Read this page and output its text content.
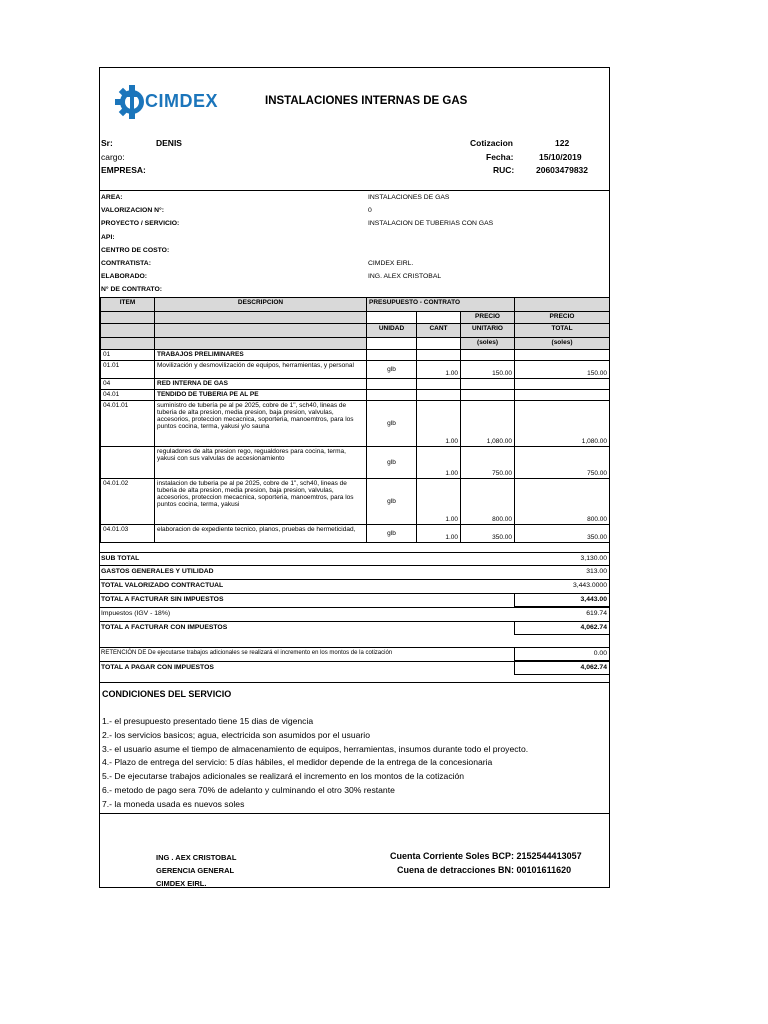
CIMDEX	INSTALACIONES INTERNAS DE GAS
Sr:	DENIS
cargo:
EMPRESA:
Cotizacion	122
Fecha:	15/10/2019
RUC:	20603479832
AREA:	INSTALACIONES DE GAS
VALORIZACION N°:	0
PROYECTO / SERVICIO:	INSTALACION DE TUBERIAS CON GAS
API:
CENTRO DE COSTO:
CONTRATISTA:	CIMDEX EIRL.
ELABORADO:	ING. ALEX CRISTOBAL
N° DE CONTRATO:
ITEM	DESCRIPCION	PRESUPUESTO - CONTRATO			
				PRECIO	PRECIO
		UNIDAD	CANT	UNITARIO	TOTAL
				(soles)	(soles)
01	TRABAJOS PRELIMINARES				
01.01	Movilización y desmovilización de equipos, herramientas, y personal	glb	1.00	150.00	150.00
04	RED INTERNA DE GAS				
04.01	TENDIDO DE TUBERIA PE AL PE				
04.01.01	suministro de tubería pe al pe 2025, cobre de 1", sch40, lineas de tuberia de alta presion, media presion, baja presion, valvulas, accesorios, proteccion mecacnica, soporteria, manoemtros, para los puntos cocina, terma, yakusi y/o sauna	glb	1.00	1,080.00	1,080.00
	reguladores de alta presion rego, regualdores para cocina, terma, yakusi con sus valvulas de accesionamiento	glb	1.00	750.00	750.00
04.01.02	instalacion de tuberia pe al pe 2025, cobre de 1", sch40, lineas de tuberia de alta presion, media presion, baja presion, valvulas, accesorios, proteccion mecacnica, soporteria, manoemtros, para los puntos cocina, terma, yakusi	glb	1.00	800.00	800.00
04.01.03	elaboracion de expediente tecnico, planos, pruebas de hermeticidad,	glb	1.00	350.00	350.00
SUB TOTAL	3,130.00
GASTOS GENERALES Y UTILIDAD	313.00
TOTAL VALORIZADO CONTRACTUAL	3,443.0000
TOTAL A FACTURAR SIN IMPUESTOS	3,443.00
Impuestos (IGV - 18%)	619.74
TOTAL A FACTURAR CON IMPUESTOS	4,062.74
RETENCIÓN DE De ejecutarse trabajos adicionales se realizará el incremento en los montos de la cotización	0.00
TOTAL A PAGAR CON IMPUESTOS	4,062.74
CONDICIONES DEL SERVICIO
1.- el presupuesto presentado tiene 15 dias de vigencia
2.- los servicios basicos; agua, electricida son asumidos por el usuario
3.- el usuario asume el tiempo de almacenamiento de equipos, herramientas, insumos durante todo el proyecto.
4.- Plazo de entrega del servicio: 5 días hábiles, el medidor depende de la entrega de la concesionaria
5.- De ejecutarse trabajos adicionales se realizará el incremento en los montos de la cotización
6.- metodo de pago sera 70% de adelanto y culminando el otro 30% restante
7.- la moneda usada es nuevos soles
ING . AEX CRISTOBAL
GERENCIA GENERAL
CIMDEX EIRL.
Cuenta Corriente Soles BCP: 2152544413057
Cuena de detracciones BN: 00101611620
